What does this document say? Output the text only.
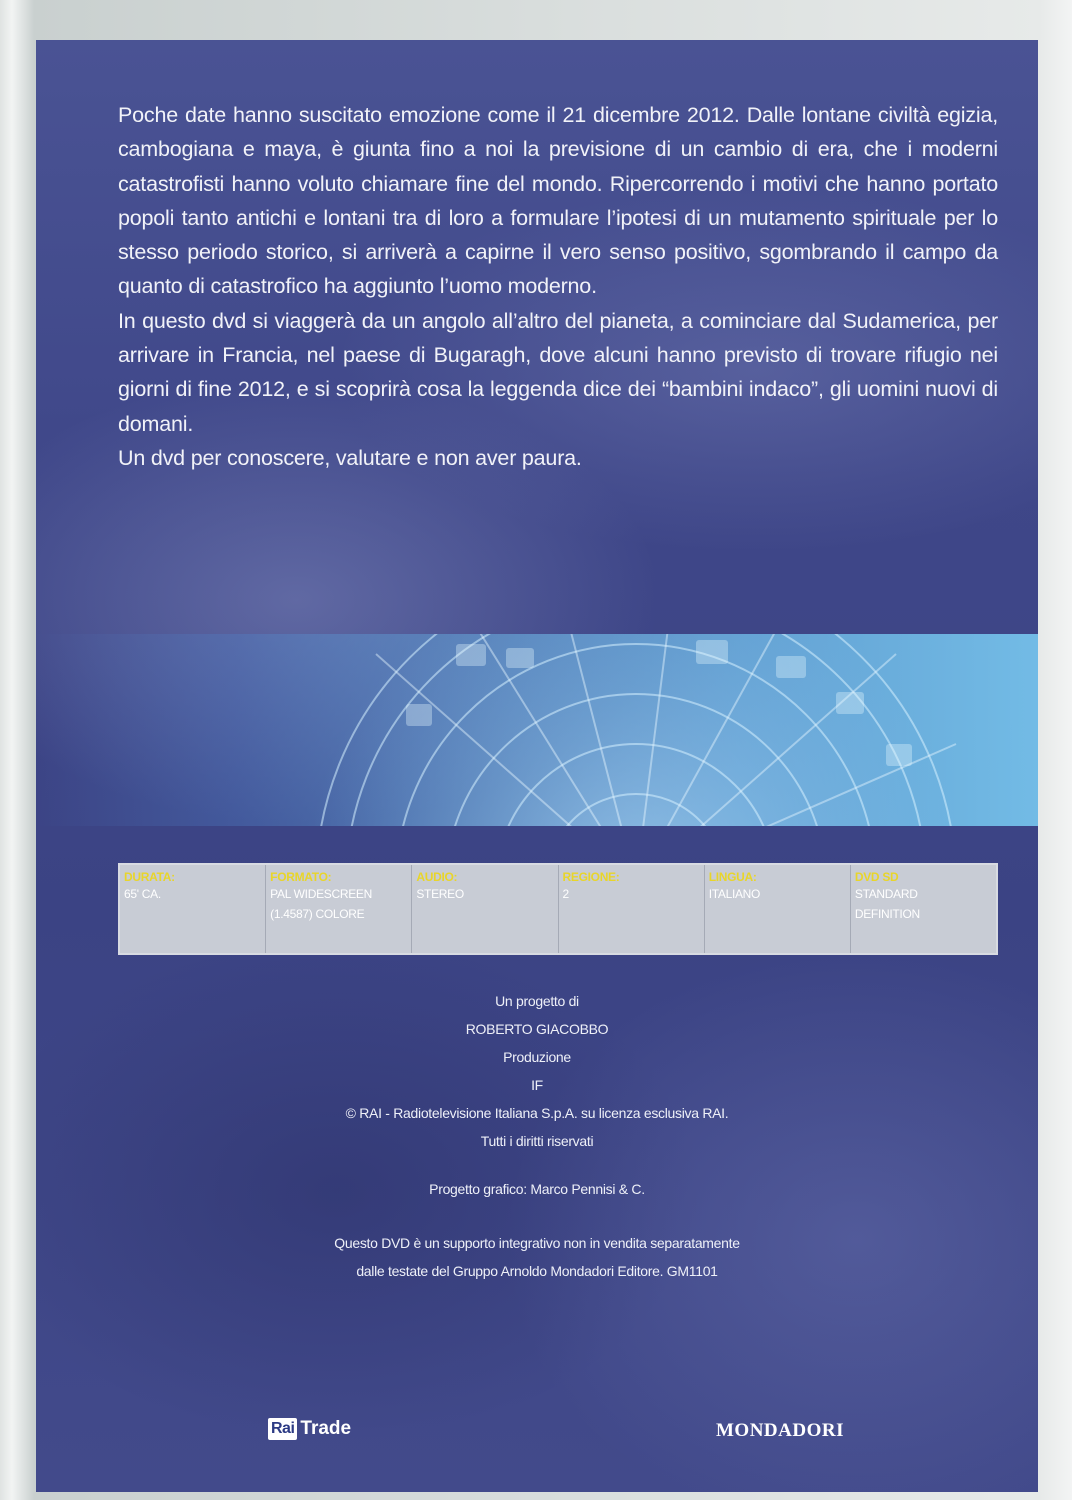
Poche date hanno suscitato emozione come il 21 dicembre 2012. Dalle lontane civiltà egizia, cambogiana e maya, è giunta fino a noi la previsione di un cambio di era, che i moderni catastrofisti hanno voluto chiamare fine del mondo. Ripercorrendo i motivi che hanno portato popoli tanto antichi e lontani tra di loro a formulare l’ipotesi di un mutamento spirituale per lo stesso periodo storico, si arriverà a capirne il vero senso positivo, sgombrando il campo da quanto di catastrofico ha aggiunto l’uomo moderno.

In questo dvd si viaggerà da un angolo all’altro del pianeta, a cominciare dal Sudamerica, per arrivare in Francia, nel paese di Bugaragh, dove alcuni hanno previsto di trovare rifugio nei giorni di fine 2012, e si scoprirà cosa la leggenda dice dei “bambini indaco”, gli uomini nuovi di domani.

Un dvd per conoscere, valutare e non aver paura.

DURATA:
65' CA.
FORMATO:
PAL WIDESCREEN
(1.4587) COLORE
AUDIO:
STEREO
REGIONE:
2
LINGUA:
ITALIANO
DVD SD
STANDARD
DEFINITION
Un progetto di
ROBERTO GIACOBBO
Produzione
IF
© RAI - Radiotelevisione Italiana S.p.A. su licenza esclusiva RAI.
Tutti i diritti riservati
Progetto grafico: Marco Pennisi & C.
Questo DVD è un supporto integrativo non in vendita separatamente
dalle testate del Gruppo Arnoldo Mondadori Editore. GM1101
Rai Trade	MONDADORI
